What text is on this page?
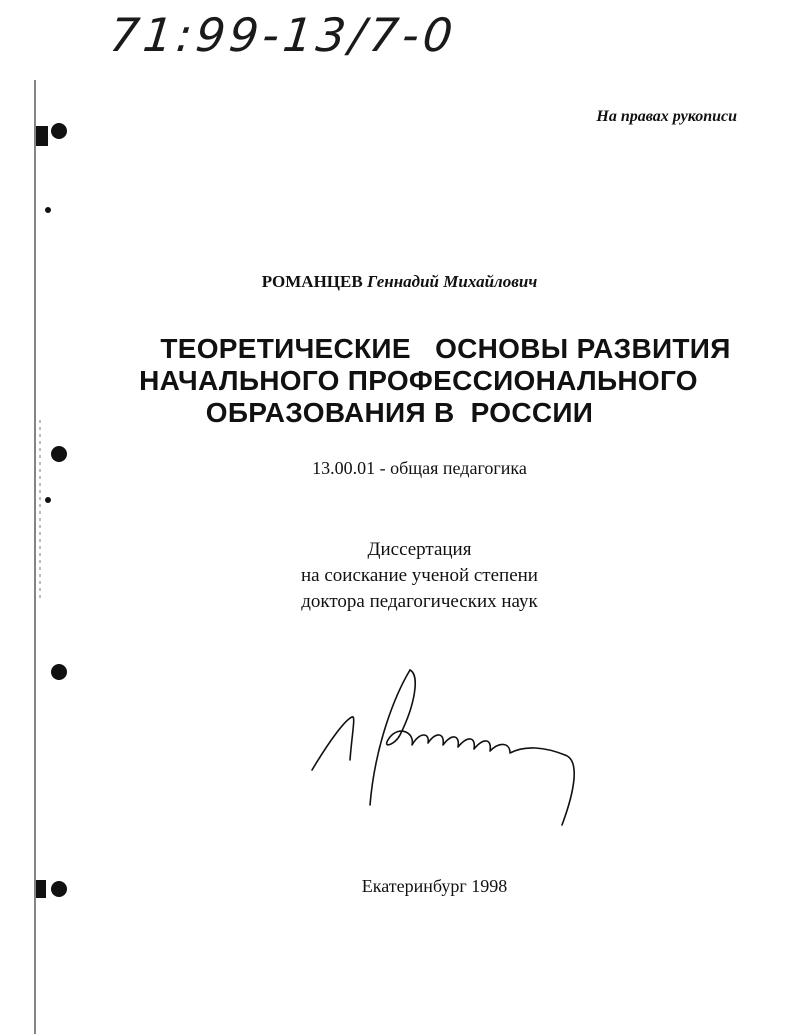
71:99-13/7-0
На правах рукописи
РОМАНЦЕВ Геннадий Михайлович
ТЕОРЕТИЧЕСКИЕ   ОСНОВЫ РАЗВИТИЯ
НАЧАЛЬНОГО ПРОФЕССИОНАЛЬНОГО
ОБРАЗОВАНИЯ В  РОССИИ
13.00.01 - общая педагогика
Диссертация
на соискание ученой степени
доктора педагогических наук
Екатеринбург 1998
